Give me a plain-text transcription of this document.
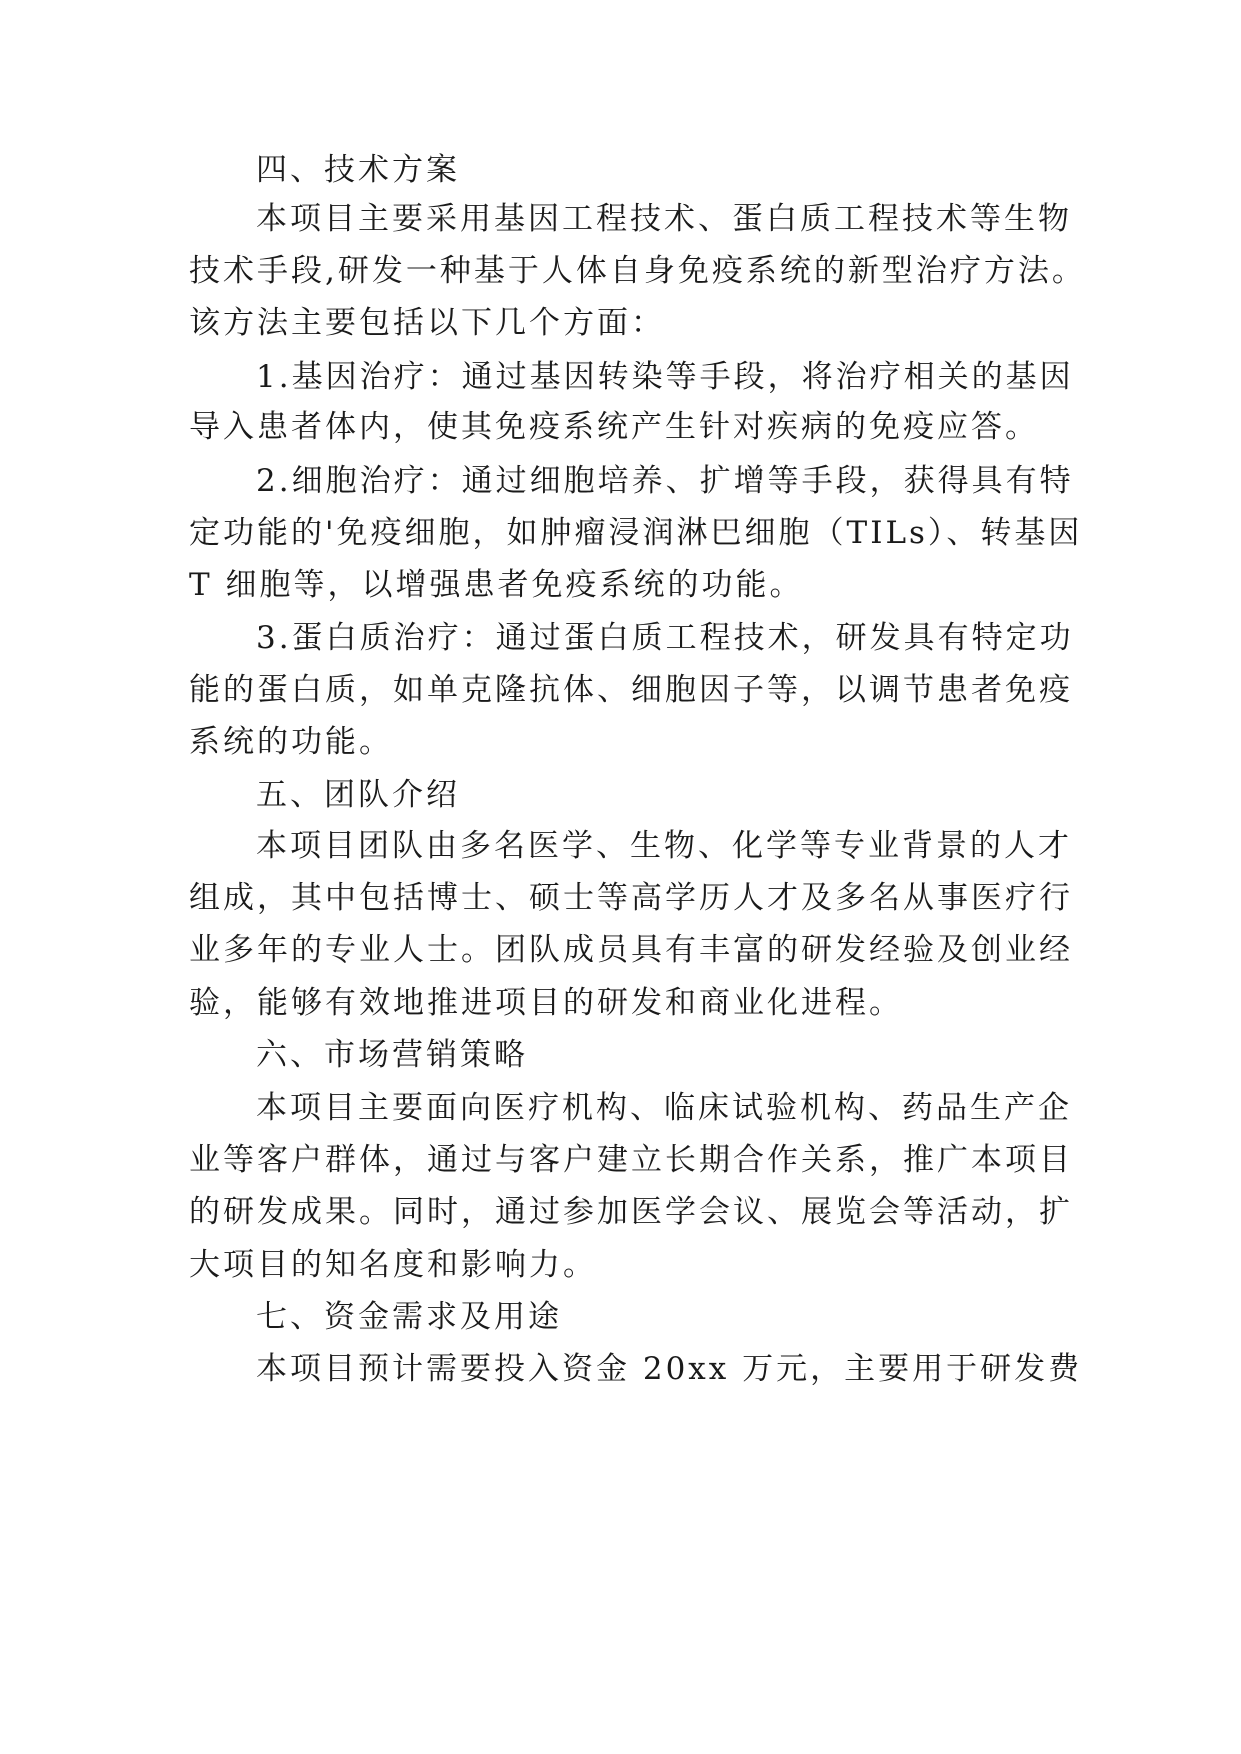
四、技术方案

本项目主要采用基因工程技术、蛋白质工程技术等生物

技术手段,研发一种基于人体自身免疫系统的新型治疗方法。

该方法主要包括以下几个方面：

1.基因治疗：通过基因转染等手段，将治疗相关的基因

导入患者体内，使其免疫系统产生针对疾病的免疫应答。

2.细胞治疗：通过细胞培养、扩增等手段，获得具有特

定功能的'免疫细胞，如肿瘤浸润淋巴细胞（TILs）、转基因

T 细胞等，以增强患者免疫系统的功能。

3.蛋白质治疗：通过蛋白质工程技术，研发具有特定功

能的蛋白质，如单克隆抗体、细胞因子等，以调节患者免疫

系统的功能。

五、团队介绍

本项目团队由多名医学、生物、化学等专业背景的人才

组成，其中包括博士、硕士等高学历人才及多名从事医疗行

业多年的专业人士。团队成员具有丰富的研发经验及创业经

验，能够有效地推进项目的研发和商业化进程。

六、市场营销策略

本项目主要面向医疗机构、临床试验机构、药品生产企

业等客户群体，通过与客户建立长期合作关系，推广本项目

的研发成果。同时，通过参加医学会议、展览会等活动，扩

大项目的知名度和影响力。

七、资金需求及用途

本项目预计需要投入资金 20xx 万元，主要用于研发费
